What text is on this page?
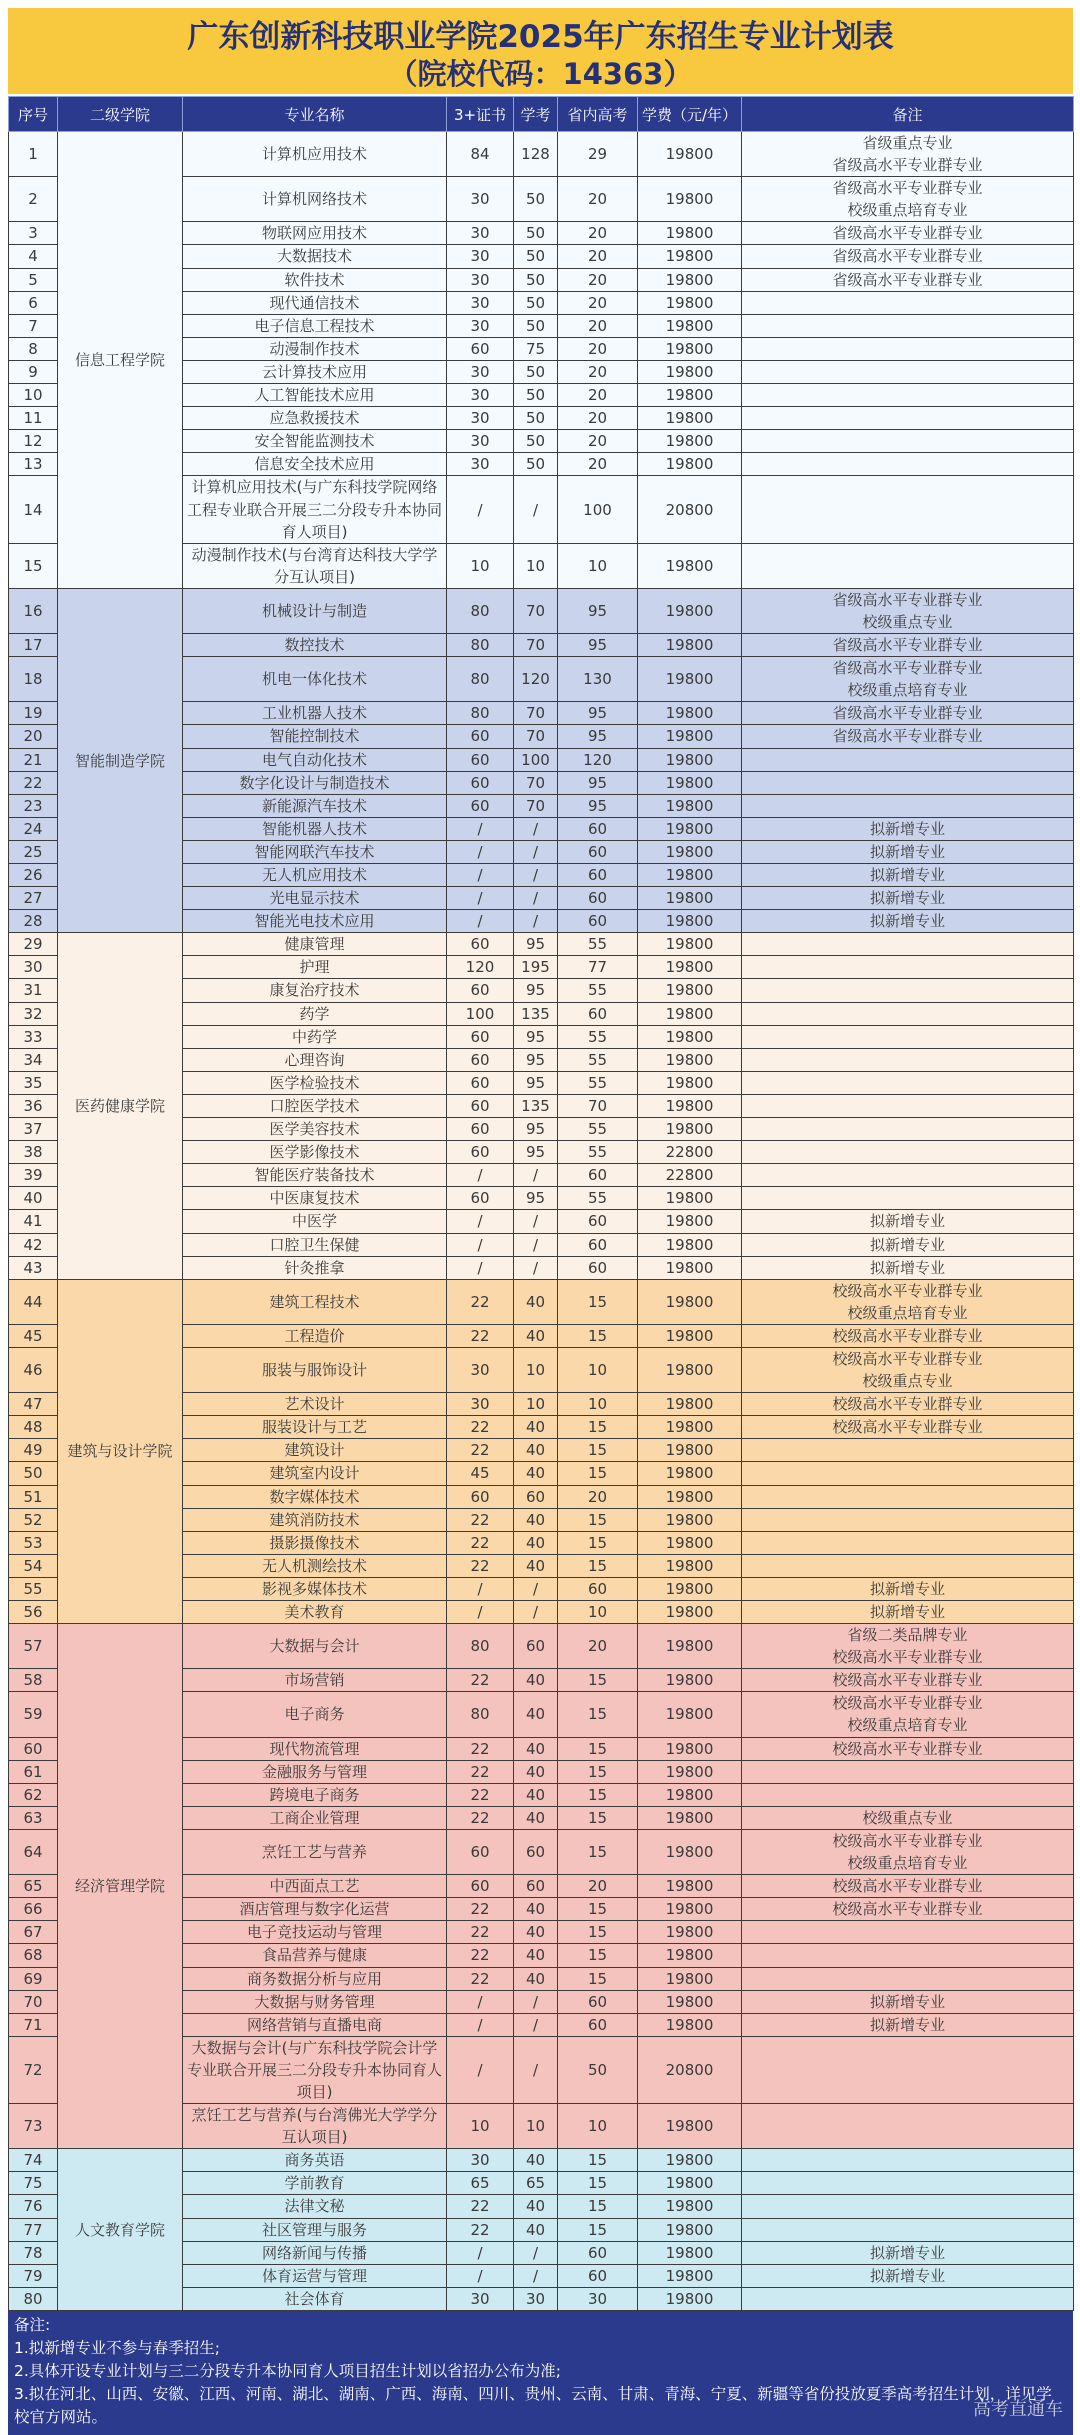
广东创新科技职业学院2025年广东招生专业计划表
（院校代码：14363）
序号	二级学院	专业名称	3+证书	学考	省内高考	学费（元/年）	备注
1	信息工程学院	计算机应用技术	84	128	29	19800	省级重点专业
省级高水平专业群专业
2		计算机网络技术	30	50	20	19800	省级高水平专业群专业
校级重点培育专业
3		物联网应用技术	30	50	20	19800	省级高水平专业群专业
4		大数据技术	30	50	20	19800	省级高水平专业群专业
5		软件技术	30	50	20	19800	省级高水平专业群专业
6		现代通信技术	30	50	20	19800	
7		电子信息工程技术	30	50	20	19800	
8		动漫制作技术	60	75	20	19800	
9		云计算技术应用	30	50	20	19800	
10		人工智能技术应用	30	50	20	19800	
11		应急救援技术	30	50	20	19800	
12		安全智能监测技术	30	50	20	19800	
13		信息安全技术应用	30	50	20	19800	
14		计算机应用技术(与广东科技学院网络工程专业联合开展三二分段专升本协同育人项目)	/	/	100	20800	
15		动漫制作技术(与台湾育达科技大学学分互认项目)	10	10	10	19800	
16	智能制造学院	机械设计与制造	80	70	95	19800	省级高水平专业群专业
校级重点专业
17		数控技术	80	70	95	19800	省级高水平专业群专业
18		机电一体化技术	80	120	130	19800	省级高水平专业群专业
校级重点培育专业
19		工业机器人技术	80	70	95	19800	省级高水平专业群专业
20		智能控制技术	60	70	95	19800	省级高水平专业群专业
21		电气自动化技术	60	100	120	19800	
22		数字化设计与制造技术	60	70	95	19800	
23		新能源汽车技术	60	70	95	19800	
24		智能机器人技术	/	/	60	19800	拟新增专业
25		智能网联汽车技术	/	/	60	19800	拟新增专业
26		无人机应用技术	/	/	60	19800	拟新增专业
27		光电显示技术	/	/	60	19800	拟新增专业
28		智能光电技术应用	/	/	60	19800	拟新增专业
29	医药健康学院	健康管理	60	95	55	19800	
30		护理	120	195	77	19800	
31		康复治疗技术	60	95	55	19800	
32		药学	100	135	60	19800	
33		中药学	60	95	55	19800	
34		心理咨询	60	95	55	19800	
35		医学检验技术	60	95	55	19800	
36		口腔医学技术	60	135	70	19800	
37		医学美容技术	60	95	55	19800	
38		医学影像技术	60	95	55	22800	
39		智能医疗装备技术	/	/	60	22800	
40		中医康复技术	60	95	55	19800	
41		中医学	/	/	60	19800	拟新增专业
42		口腔卫生保健	/	/	60	19800	拟新增专业
43		针灸推拿	/	/	60	19800	拟新增专业
44	建筑与设计学院	建筑工程技术	22	40	15	19800	校级高水平专业群专业
校级重点培育专业
45		工程造价	22	40	15	19800	校级高水平专业群专业
46		服装与服饰设计	30	10	10	19800	校级高水平专业群专业
校级重点专业
47		艺术设计	30	10	10	19800	校级高水平专业群专业
48		服装设计与工艺	22	40	15	19800	校级高水平专业群专业
49		建筑设计	22	40	15	19800	
50		建筑室内设计	45	40	15	19800	
51		数字媒体技术	60	60	20	19800	
52		建筑消防技术	22	40	15	19800	
53		摄影摄像技术	22	40	15	19800	
54		无人机测绘技术	22	40	15	19800	
55		影视多媒体技术	/	/	60	19800	拟新增专业
56		美术教育	/	/	10	19800	拟新增专业
57	经济管理学院	大数据与会计	80	60	20	19800	省级二类品牌专业
校级高水平专业群专业
58		市场营销	22	40	15	19800	校级高水平专业群专业
59		电子商务	80	40	15	19800	校级高水平专业群专业
校级重点培育专业
60		现代物流管理	22	40	15	19800	校级高水平专业群专业
61		金融服务与管理	22	40	15	19800	
62		跨境电子商务	22	40	15	19800	
63		工商企业管理	22	40	15	19800	校级重点专业
64		烹饪工艺与营养	60	60	15	19800	校级高水平专业群专业
校级重点培育专业
65		中西面点工艺	60	60	20	19800	校级高水平专业群专业
66		酒店管理与数字化运营	22	40	15	19800	校级高水平专业群专业
67		电子竞技运动与管理	22	40	15	19800	
68		食品营养与健康	22	40	15	19800	
69		商务数据分析与应用	22	40	15	19800	
70		大数据与财务管理	/	/	60	19800	拟新增专业
71		网络营销与直播电商	/	/	60	19800	拟新增专业
72		大数据与会计(与广东科技学院会计学专业联合开展三二分段专升本协同育人项目)	/	/	50	20800	
73		烹饪工艺与营养(与台湾佛光大学学分互认项目)	10	10	10	19800	
74	人文教育学院	商务英语	30	40	15	19800	
75		学前教育	65	65	15	19800	
76		法律文秘	22	40	15	19800	
77		社区管理与服务	22	40	15	19800	
78		网络新闻与传播	/	/	60	19800	拟新增专业
79		体育运营与管理	/	/	60	19800	拟新增专业
80		社会体育	30	30	30	19800	
备注:
1.拟新增专业不参与春季招生;
2.具体开设专业计划与三二分段专升本协同育人项目招生计划以省招办公布为准;
3.拟在河北、山西、安徽、江西、河南、湖北、湖南、广西、海南、四川、贵州、云南、甘肃、青海、宁夏、新疆等省份投放夏季高考招生计划，详见学校官方网站。	高考直通车
